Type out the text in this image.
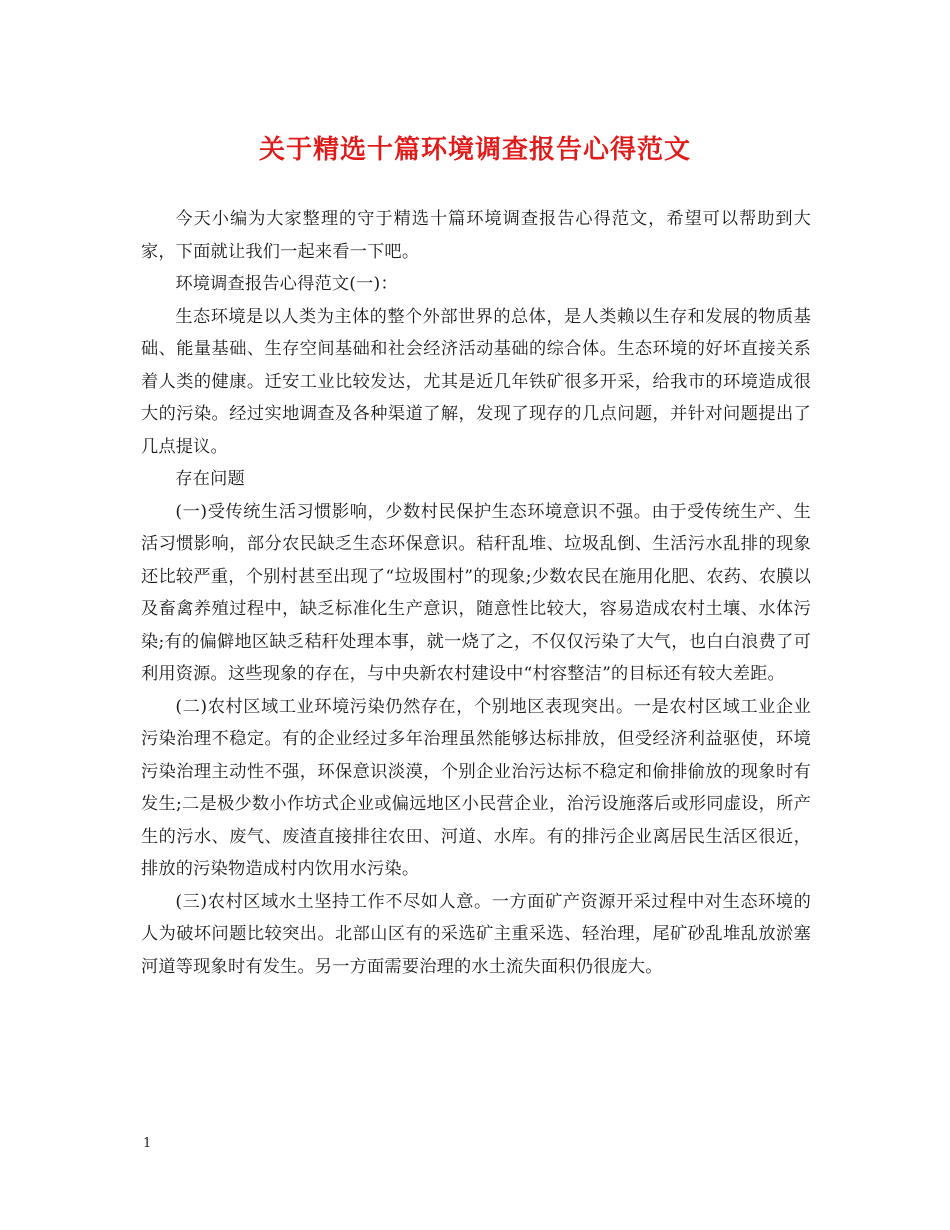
关于精选十篇环境调查报告心得范文

今天小编为大家整理的守于精选十篇环境调查报告心得范文，希望可以帮助到大家，下面就让我们一起来看一下吧。

环境调查报告心得范文(一)：

生态环境是以人类为主体的整个外部世界的总体，是人类赖以生存和发展的物质基础、能量基础、生存空间基础和社会经济活动基础的综合体。生态环境的好坏直接关系着人类的健康。迁安工业比较发达，尤其是近几年铁矿很多开采，给我市的环境造成很大的污染。经过实地调查及各种渠道了解，发现了现存的几点问题，并针对问题提出了几点提议。

存在问题

(一)受传统生活习惯影响，少数村民保护生态环境意识不强。由于受传统生产、生活习惯影响，部分农民缺乏生态环保意识。秸秆乱堆、垃圾乱倒、生活污水乱排的现象还比较严重，个别村甚至出现了“垃圾围村”的现象;少数农民在施用化肥、农药、农膜以及畜禽养殖过程中，缺乏标准化生产意识，随意性比较大，容易造成农村土壤、水体污染;有的偏僻地区缺乏秸秆处理本事，就一烧了之，不仅仅污染了大气，也白白浪费了可利用资源。这些现象的存在，与中央新农村建设中“村容整洁”的目标还有较大差距。

(二)农村区域工业环境污染仍然存在，个别地区表现突出。一是农村区域工业企业污染治理不稳定。有的企业经过多年治理虽然能够达标排放，但受经济利益驱使，环境污染治理主动性不强，环保意识淡漠，个别企业治污达标不稳定和偷排偷放的现象时有发生;二是极少数小作坊式企业或偏远地区小民营企业，治污设施落后或形同虚设，所产生的污水、废气、废渣直接排往农田、河道、水库。有的排污企业离居民生活区很近，排放的污染物造成村内饮用水污染。

(三)农村区域水土坚持工作不尽如人意。一方面矿产资源开采过程中对生态环境的人为破坏问题比较突出。北部山区有的采选矿主重采选、轻治理，尾矿砂乱堆乱放淤塞河道等现象时有发生。另一方面需要治理的水土流失面积仍很庞大。

1
